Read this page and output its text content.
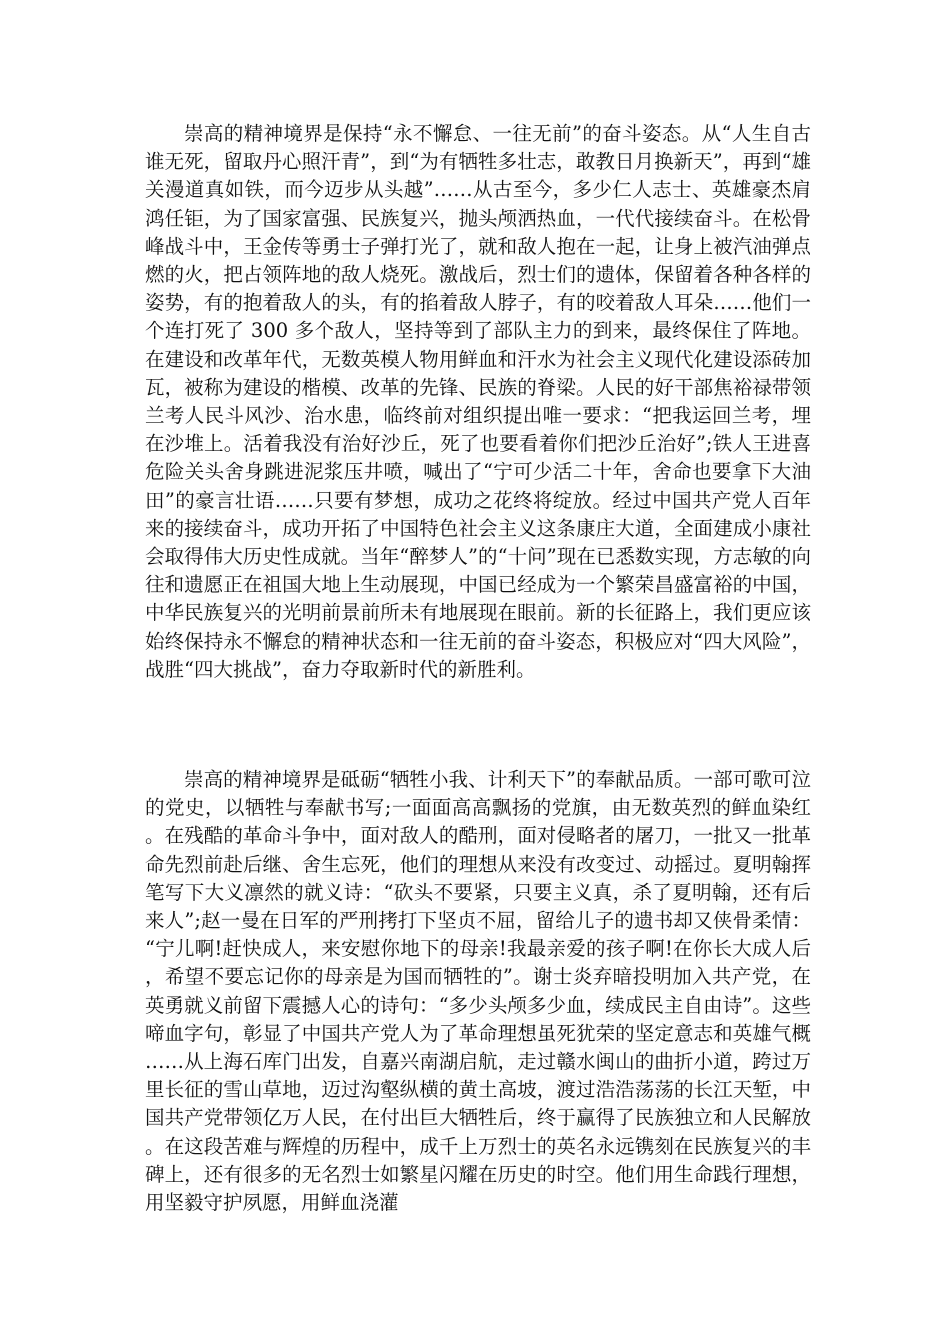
崇高的精神境界是保持“永不懈怠、一往无前”的奋斗姿态。从“人生自古谁无死，留取丹心照汗青”，到“为有牺牲多壮志，敢教日月换新天”，再到“雄关漫道真如铁，而今迈步从头越”……从古至今，多少仁人志士、英雄豪杰肩鸿任钜，为了国家富强、民族复兴，抛头颅洒热血，一代代接续奋斗。在松骨峰战斗中，王金传等勇士子弹打光了，就和敌人抱在一起，让身上被汽油弹点燃的火，把占领阵地的敌人烧死。激战后，烈士们的遗体，保留着各种各样的姿势，有的抱着敌人的头，有的掐着敌人脖子，有的咬着敌人耳朵……他们一个连打死了 300 多个敌人，坚持等到了部队主力的到来，最终保住了阵地。在建设和改革年代，无数英模人物用鲜血和汗水为社会主义现代化建设添砖加瓦，被称为建设的楷模、改革的先锋、民族的脊梁。人民的好干部焦裕禄带领兰考人民斗风沙、治水患，临终前对组织提出唯一要求：“把我运回兰考，埋在沙堆上。活着我没有治好沙丘，死了也要看着你们把沙丘治好”;铁人王进喜危险关头舍身跳进泥浆压井喷，喊出了“宁可少活二十年，舍命也要拿下大油田”的豪言壮语……只要有梦想，成功之花终将绽放。经过中国共产党人百年来的接续奋斗，成功开拓了中国特色社会主义这条康庄大道，全面建成小康社会取得伟大历史性成就。当年“醉梦人”的“十问”现在已悉数实现，方志敏的向往和遗愿正在祖国大地上生动展现，中国已经成为一个繁荣昌盛富裕的中国，中华民族复兴的光明前景前所未有地展现在眼前。新的长征路上，我们更应该始终保持永不懈怠的精神状态和一往无前的奋斗姿态，积极应对“四大风险”，战胜“四大挑战”，奋力夺取新时代的新胜利。

崇高的精神境界是砥砺“牺牲小我、计利天下”的奉献品质。一部可歌可泣的党史，以牺牲与奉献书写;一面面高高飘扬的党旗，由无数英烈的鲜血染红。在残酷的革命斗争中，面对敌人的酷刑，面对侵略者的屠刀，一批又一批革命先烈前赴后继、舍生忘死，他们的理想从来没有改变过、动摇过。夏明翰挥笔写下大义凛然的就义诗：“砍头不要紧，只要主义真，杀了夏明翰，还有后来人”;赵一曼在日军的严刑拷打下坚贞不屈，留给儿子的遗书却又侠骨柔情：“宁儿啊!赶快成人，来安慰你地下的母亲!我最亲爱的孩子啊!在你长大成人后，希望不要忘记你的母亲是为国而牺牲的”。谢士炎弃暗投明加入共产党，在英勇就义前留下震撼人心的诗句：“多少头颅多少血，续成民主自由诗”。这些啼血字句，彰显了中国共产党人为了革命理想虽死犹荣的坚定意志和英雄气概……从上海石库门出发，自嘉兴南湖启航，走过赣水闽山的曲折小道，跨过万里长征的雪山草地，迈过沟壑纵横的黄土高坡，渡过浩浩荡荡的长江天堑，中国共产党带领亿万人民，在付出巨大牺牲后，终于赢得了民族独立和人民解放。在这段苦难与辉煌的历程中，成千上万烈士的英名永远镌刻在民族复兴的丰碑上，还有很多的无名烈士如繁星闪耀在历史的时空。他们用生命践行理想，用坚毅守护夙愿，用鲜血浇灌
